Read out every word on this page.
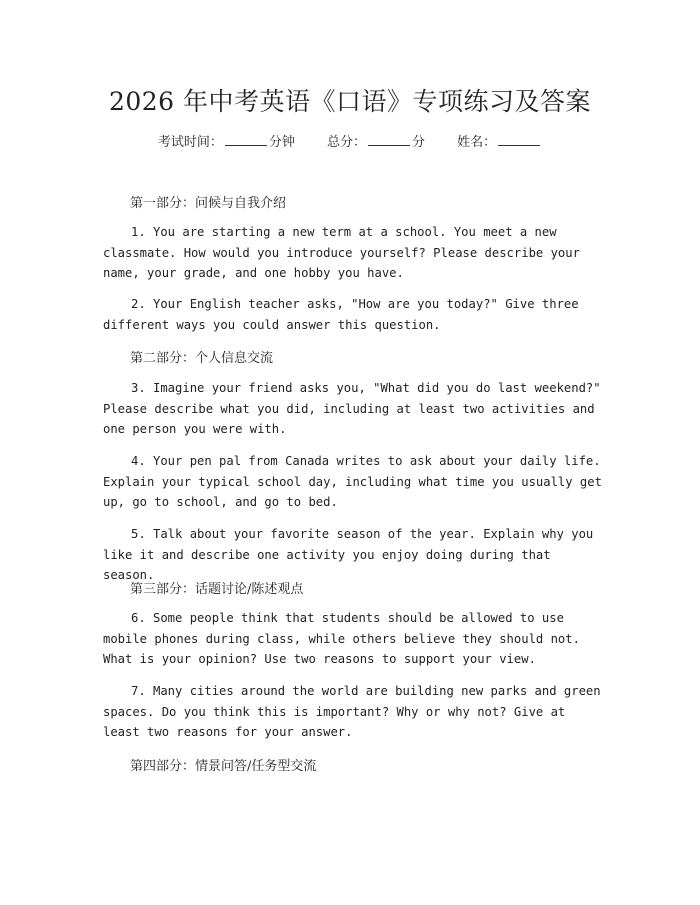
2026 年中考英语《口语》专项练习及答案
考试时间：	分钟 总分：	分 姓名：
第一部分：问候与自我介绍
1. You are starting a new term at a school. You meet a new classmate. How would you introduce yourself? Please describe your name, your grade, and one hobby you have.
2. Your English teacher asks, "How are you today?" Give three different ways you could answer this question.
第二部分：个人信息交流
3. Imagine your friend asks you, "What did you do last weekend?" Please describe what you did, including at least two activities and one person you were with.
4. Your pen pal from Canada writes to ask about your daily life. Explain your typical school day, including what time you usually get up, go to school, and go to bed.
5. Talk about your favorite season of the year. Explain why you like it and describe one activity you enjoy doing during that season.
第三部分：话题讨论/陈述观点
6. Some people think that students should be allowed to use mobile phones during class, while others believe they should not. What is your opinion? Use two reasons to support your view.
7. Many cities around the world are building new parks and green spaces. Do you think this is important? Why or why not? Give at least two reasons for your answer.
第四部分：情景问答/任务型交流
